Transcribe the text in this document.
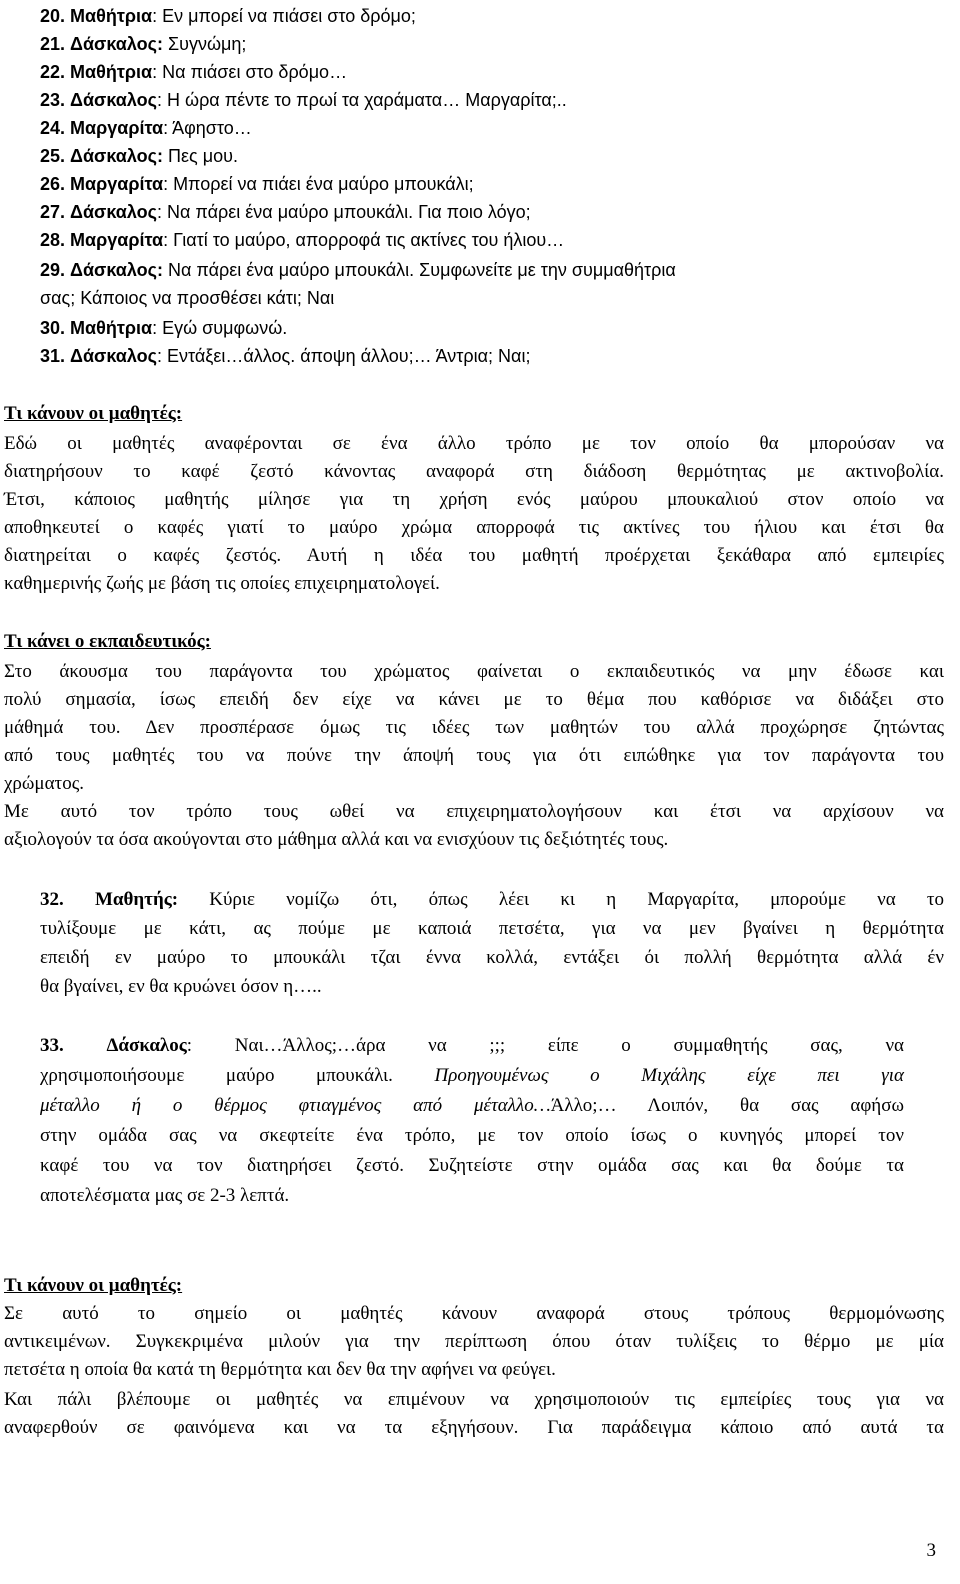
20. Μαθήτρια: Εν μπορεί να πιάσει στο δρόμο;
21. Δάσκαλος: Συγνώμη;
22. Μαθήτρια: Να πιάσει στο δρόμο…
23. Δάσκαλος: Η ώρα πέντε το πρωί τα χαράματα… Μαργαρίτα;..
24. Μαργαρίτα: Άφηστο…
25. Δάσκαλος: Πες μου.
26. Μαργαρίτα: Μπορεί να πιάει ένα μαύρο μπουκάλι;
27. Δάσκαλος: Να πάρει ένα μαύρο μπουκάλι. Για ποιο λόγο;
28. Μαργαρίτα: Γιατί το μαύρο, απορροφά τις ακτίνες του ήλιου…
29. Δάσκαλος: Να πάρει ένα μαύρο μπουκάλι. Συμφωνείτε με την συμμαθήτρια
σας; Κάποιος να προσθέσει κάτι; Ναι
30. Μαθήτρια: Εγώ συμφωνώ.
31. Δάσκαλος: Εντάξει…άλλος. άποψη άλλου;… Άντρια; Ναι;
Τι κάνουν οι μαθητές:
Εδώ οι μαθητές αναφέρονται σε ένα άλλο τρόπο με τον οποίο θα μπορούσαν να
διατηρήσουν το καφέ ζεστό κάνοντας αναφορά στη διάδοση θερμότητας με ακτινοβολία.
Έτσι, κάποιος μαθητής μίλησε για τη χρήση ενός μαύρου μπουκαλιού στον οποίο να
αποθηκευτεί ο καφές γιατί το μαύρο χρώμα απορροφά τις ακτίνες του ήλιου και έτσι θα
διατηρείται ο καφές ζεστός. Αυτή η ιδέα του μαθητή προέρχεται ξεκάθαρα από εμπειρίες
καθημερινής ζωής με βάση τις οποίες επιχειρηματολογεί.
Τι κάνει ο εκπαιδευτικός:
Στο άκουσμα του παράγοντα του χρώματος φαίνεται ο εκπαιδευτικός να μην έδωσε και
πολύ σημασία, ίσως επειδή δεν είχε να κάνει με το θέμα που καθόρισε να διδάξει στο
μάθημά του. Δεν προσπέρασε όμως τις ιδέες των μαθητών του αλλά προχώρησε ζητώντας
από τους μαθητές του να πούνε την άποψή τους για ότι ειπώθηκε για τον παράγοντα του
χρώματος.
Με αυτό τον τρόπο τους ωθεί να επιχειρηματολογήσουν και έτσι να αρχίσουν να
αξιολογούν τα όσα ακούγονται στο μάθημα αλλά και να ενισχύουν τις δεξιότητές τους.
32. Μαθητής: Κύριε νομίζω ότι, όπως λέει κι η Μαργαρίτα, μπορούμε να το
τυλίξουμε με κάτι, ας πούμε με καποιά πετσέτα, για να μεν βγαίνει η θερμότητα
επειδή εν μαύρο το μπουκάλι τζαι έννα κολλά, εντάξει όι πολλή θερμότητα αλλά έν
θα βγαίνει, εν θα κρυώνει όσον η…..
33. Δάσκαλος: Ναι…Άλλος;…άρα να ;;; είπε ο συμμαθητής σας, να
χρησιμοποιήσουμε μαύρο μπουκάλι. Προηγουμένως ο Μιχάλης είχε πει για
μέταλλο ή ο θέρμος φτιαγμένος από μέταλλο…Άλλο;… Λοιπόν, θα σας αφήσω
στην ομάδα σας να σκεφτείτε ένα τρόπο, με τον οποίο ίσως ο κυνηγός μπορεί τον
καφέ του να τον διατηρήσει ζεστό. Συζητείστε στην ομάδα σας και θα δούμε τα
αποτελέσματα μας σε 2-3 λεπτά.
Τι κάνουν οι μαθητές:
Σε αυτό το σημείο οι μαθητές κάνουν αναφορά στους τρόπους θερμομόνωσης
αντικειμένων. Συγκεκριμένα μιλούν για την περίπτωση όπου όταν τυλίξεις το θέρμο με μία
πετσέτα η οποία θα κατά τη θερμότητα και δεν θα την αφήνει να φεύγει.
Και πάλι βλέπουμε οι μαθητές να επιμένουν να χρησιμοποιούν τις εμπείρίες τους για να
αναφερθούν σε φαινόμενα και να τα εξηγήσουν. Για παράδειγμα κάποιο από αυτά τα
3
